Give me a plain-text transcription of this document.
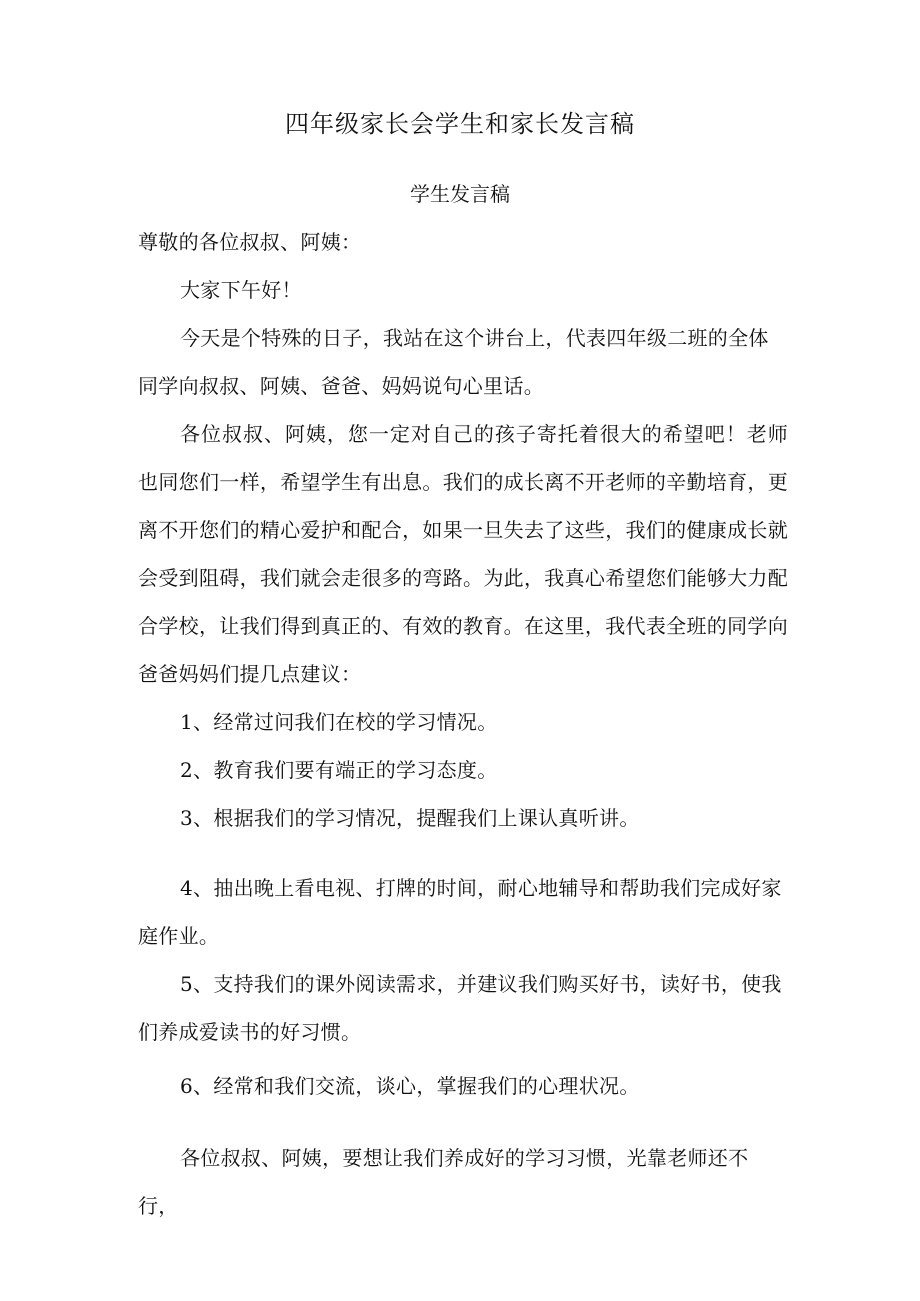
四年级家长会学生和家长发言稿
学生发言稿
尊敬的各位叔叔、阿姨：
大家下午好！
今天是个特殊的日子，我站在这个讲台上，代表四年级二班的全体同学向叔叔、阿姨、爸爸、妈妈说句心里话。
各位叔叔、阿姨，您一定对自己的孩子寄托着很大的希望吧！老师也同您们一样，希望学生有出息。我们的成长离不开老师的辛勤培育，更离不开您们的精心爱护和配合，如果一旦失去了这些，我们的健康成长就会受到阻碍，我们就会走很多的弯路。为此，我真心希望您们能够大力配合学校，让我们得到真正的、有效的教育。在这里，我代表全班的同学向爸爸妈妈们提几点建议：
1、经常过问我们在校的学习情况。
2、教育我们要有端正的学习态度。
3、根据我们的学习情况，提醒我们上课认真听讲。
4、抽出晚上看电视、打牌的时间，耐心地辅导和帮助我们完成好家庭作业。
5、支持我们的课外阅读需求，并建议我们购买好书，读好书，使我们养成爱读书的好习惯。
6、经常和我们交流，谈心，掌握我们的心理状况。
各位叔叔、阿姨，要想让我们养成好的学习习惯，光靠老师还不行，
